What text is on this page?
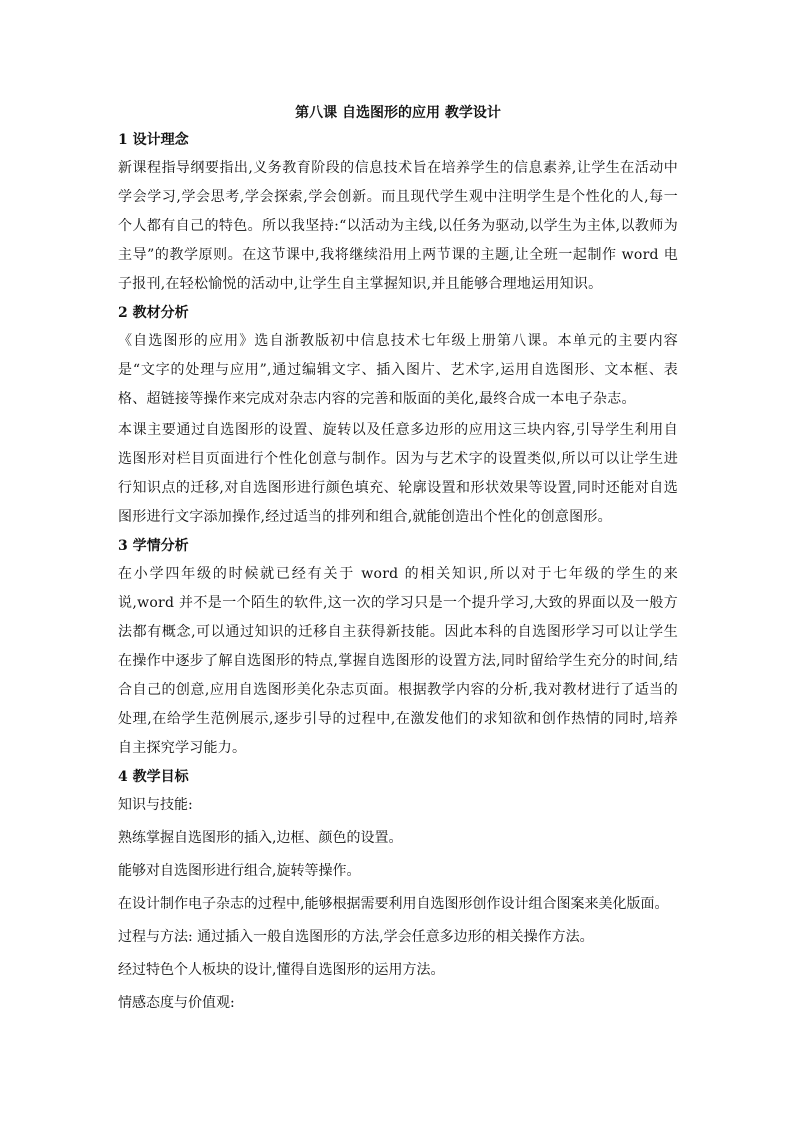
第八课 自选图形的应用 教学设计
1 设计理念

新课程指导纲要指出,义务教育阶段的信息技术旨在培养学生的信息素养,让学生在活动中学会学习,学会思考,学会探索,学会创新。而且现代学生观中注明学生是个性化的人,每一个人都有自己的特色。所以我坚持:“以活动为主线,以任务为驱动,以学生为主体,以教师为主导”的教学原则。在这节课中,我将继续沿用上两节课的主题,让全班一起制作 word 电子报刊,在轻松愉悦的活动中,让学生自主掌握知识,并且能够合理地运用知识。

2 教材分析

《自选图形的应用》选自浙教版初中信息技术七年级上册第八课。本单元的主要内容是“文字的处理与应用”,通过编辑文字、插入图片、艺术字,运用自选图形、文本框、表格、超链接等操作来完成对杂志内容的完善和版面的美化,最终合成一本电子杂志。

本课主要通过自选图形的设置、旋转以及任意多边形的应用这三块内容,引导学生利用自选图形对栏目页面进行个性化创意与制作。因为与艺术字的设置类似,所以可以让学生进行知识点的迁移,对自选图形进行颜色填充、轮廓设置和形状效果等设置,同时还能对自选图形进行文字添加操作,经过适当的排列和组合,就能创造出个性化的创意图形。

3 学情分析

在小学四年级的时候就已经有关于 word 的相关知识,所以对于七年级的学生的来说,word 并不是一个陌生的软件,这一次的学习只是一个提升学习,大致的界面以及一般方法都有概念,可以通过知识的迁移自主获得新技能。因此本科的自选图形学习可以让学生在操作中逐步了解自选图形的特点,掌握自选图形的设置方法,同时留给学生充分的时间,结合自己的创意,应用自选图形美化杂志页面。根据教学内容的分析,我对教材进行了适当的处理,在给学生范例展示,逐步引导的过程中,在激发他们的求知欲和创作热情的同时,培养自主探究学习能力。

4 教学目标
知识与技能:
熟练掌握自选图形的插入,边框、颜色的设置。
能够对自选图形进行组合,旋转等操作。
在设计制作电子杂志的过程中,能够根据需要利用自选图形创作设计组合图案来美化版面。
过程与方法: 通过插入一般自选图形的方法,学会任意多边形的相关操作方法。
经过特色个人板块的设计,懂得自选图形的运用方法。
情感态度与价值观:
